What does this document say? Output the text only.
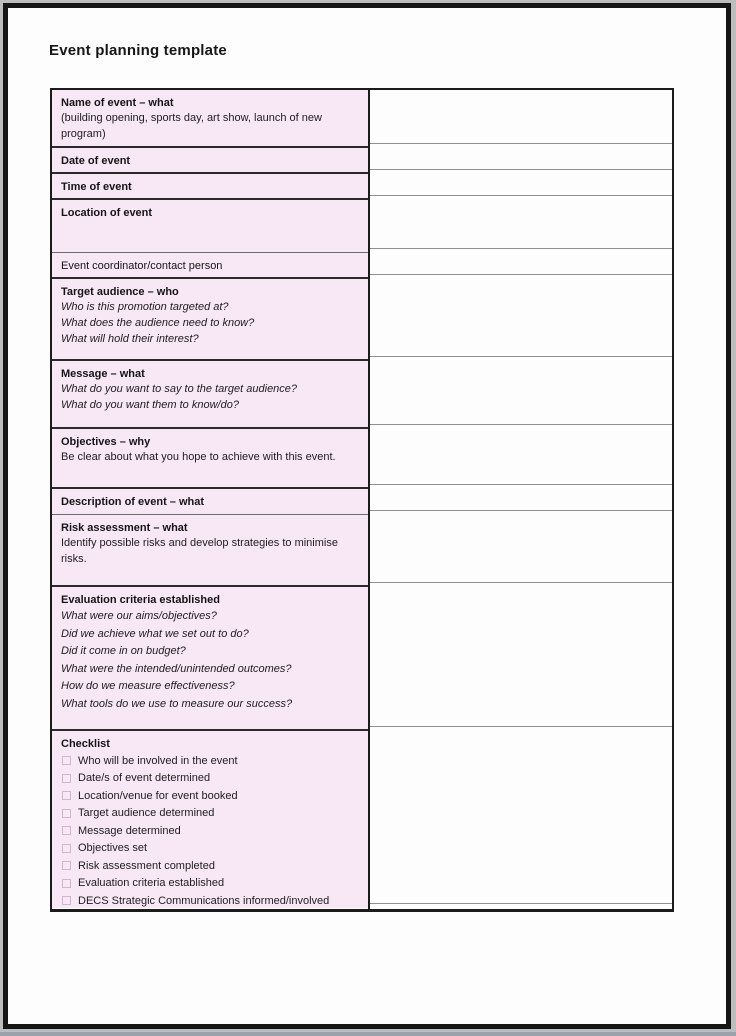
Event planning template
Name of event – what
(building opening, sports day, art show, launch of new program)
Date of event
Time of event
Location of event
Event coordinator/contact person
Target audience – who
Who is this promotion targeted at?
What does the audience need to know?
What will hold their interest?
Message – what
What do you want to say to the target audience?
What do you want them to know/do?
Objectives – why
Be clear about what you hope to achieve with this event.
Description of event – what
Risk assessment – what
Identify possible risks and develop strategies to minimise risks.
Evaluation criteria established
What were our aims/objectives?
Did we achieve what we set out to do?
Did it come in on budget?
What were the intended/unintended outcomes?
How do we measure effectiveness?
What tools do we use to measure our success?
Checklist
Who will be involved in the event
Date/s of event determined
Location/venue for event booked
Target audience determined
Message determined
Objectives set
Risk assessment completed
Evaluation criteria established
DECS Strategic Communications informed/involved
